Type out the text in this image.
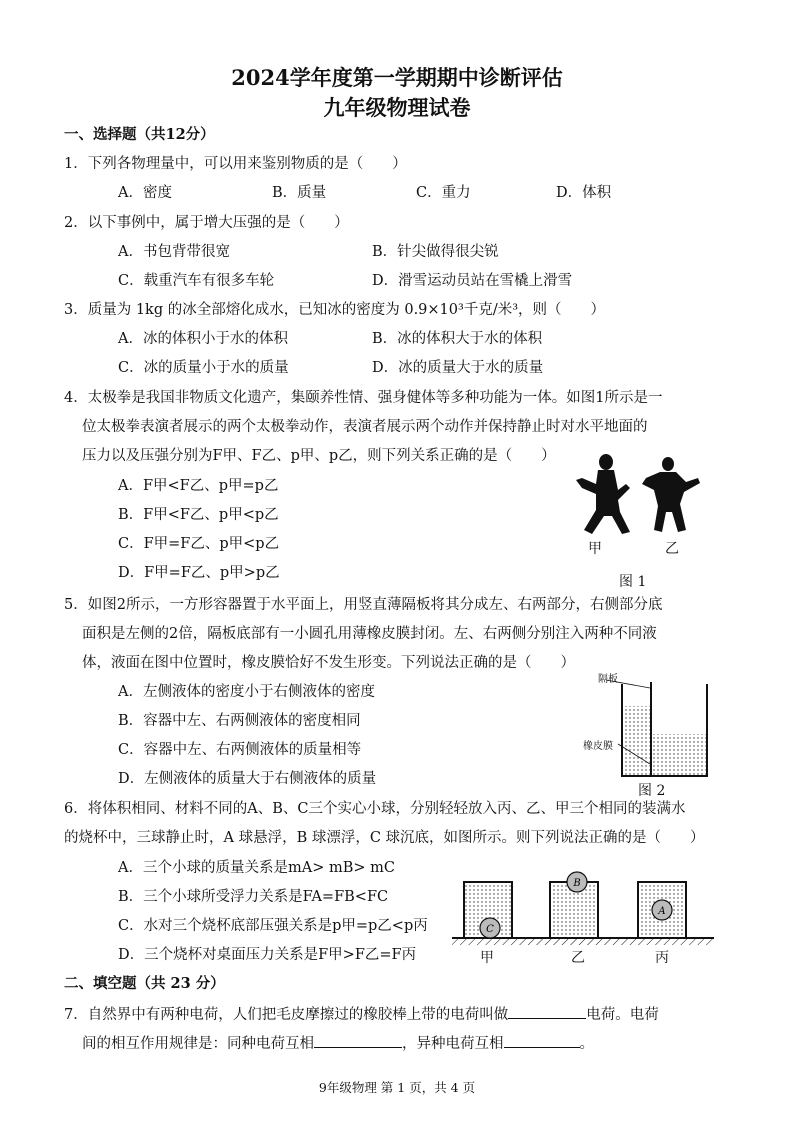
2024学年度第一学期期中诊断评估
九年级物理试卷
一、选择题（共12分）
1．下列各物理量中，可以用来鉴别物质的是（　　）
A．密度	B．质量	C．重力	D．体积
2．以下事例中，属于增大压强的是（　　）
A．书包背带很宽	B．针尖做得很尖锐
C．载重汽车有很多车轮	D．滑雪运动员站在雪橇上滑雪
3．质量为 1kg 的冰全部熔化成水，已知冰的密度为 0.9×10³千克/米³，则（　　）
A．冰的体积小于水的体积	B．冰的体积大于水的体积
C．冰的质量小于水的质量	D．冰的质量大于水的质量
4．太极拳是我国非物质文化遗产，集颐养性情、强身健体等多种功能为一体。如图1所示是一
位太极拳表演者展示的两个太极拳动作，表演者展示两个动作并保持静止时对水平地面的
压力以及压强分别为F甲、F乙、p甲、p乙，则下列关系正确的是（　　）
A．F甲<F乙、p甲=p乙
B．F甲<F乙、p甲<p乙
C．F甲=F乙、p甲<p乙
D．F甲=F乙、p甲>p乙
甲	乙
图 1
5．如图2所示，一方形容器置于水平面上，用竖直薄隔板将其分成左、右两部分，右侧部分底
面积是左侧的2倍，隔板底部有一小圆孔用薄橡皮膜封闭。左、右两侧分别注入两种不同液
体，液面在图中位置时，橡皮膜恰好不发生形变。下列说法正确的是（　　）
A．左侧液体的密度小于右侧液体的密度
B．容器中左、右两侧液体的密度相同
C．容器中左、右两侧液体的质量相等
D．左侧液体的质量大于右侧液体的质量
隔板
橡皮膜
图 2
6．将体积相同、材料不同的A、B、C三个实心小球，分别轻轻放入丙、乙、甲三个相同的装满水
的烧杯中，三球静止时，A 球悬浮，B 球漂浮，C 球沉底，如图所示。则下列说法正确的是（　　）
A．三个小球的质量关系是mA> mB> mC
B．三个小球所受浮力关系是FA=FB<FC
C．水对三个烧杯底部压强关系是p甲=p乙<p丙
D．三个烧杯对桌面压力关系是F甲>F乙=F丙
C
B
A
甲	乙	丙
二、填空题（共 23 分）
7．自然界中有两种电荷，人们把毛皮摩擦过的橡胶棒上带的电荷叫做	电荷。电荷
间的相互作用规律是：同种电荷互相	，异种电荷互相	。
9年级物理 第 1 页，共 4 页
